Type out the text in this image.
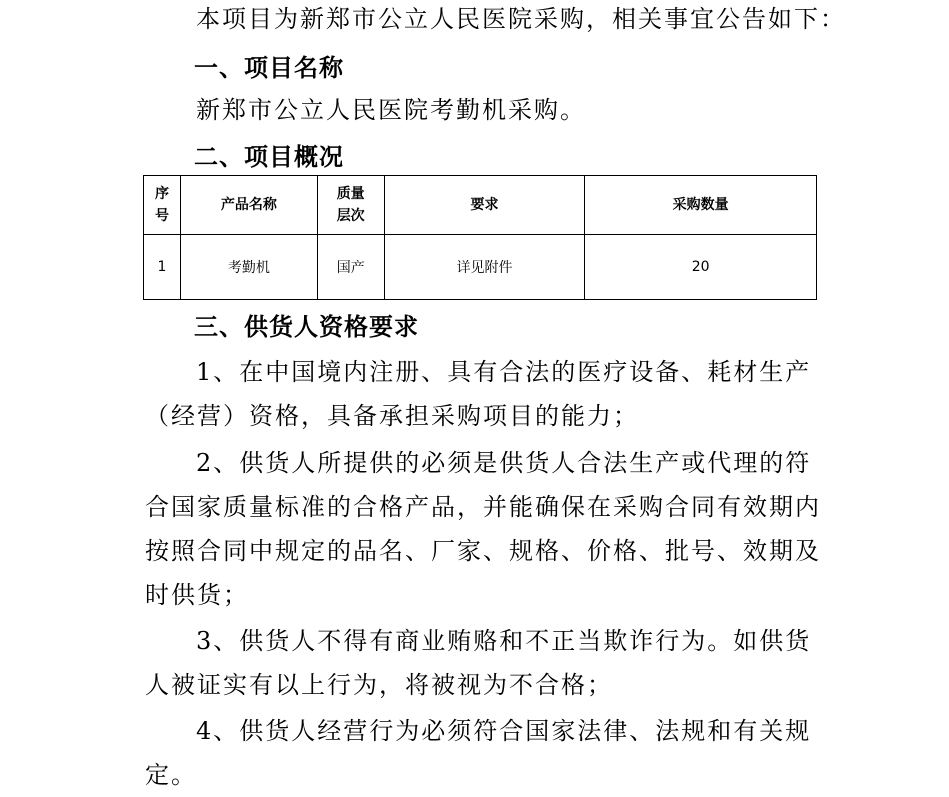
本项目为新郑市公立人民医院采购，相关事宜公告如下：
一、项目名称
新郑市公立人民医院考勤机采购。
二、项目概况
序号	产品名称	质量层次	要求	采购数量
1	考勤机	国产	详见附件	20
三、供货人资格要求
1、在中国境内注册、具有合法的医疗设备、耗材生产
（经营）资格，具备承担采购项目的能力；
2、供货人所提供的必须是供货人合法生产或代理的符
合国家质量标准的合格产品，并能确保在采购合同有效期内
按照合同中规定的品名、厂家、规格、价格、批号、效期及
时供货；
3、供货人不得有商业贿赂和不正当欺诈行为。如供货
人被证实有以上行为，将被视为不合格；
4、供货人经营行为必须符合国家法律、法规和有关规
定。
